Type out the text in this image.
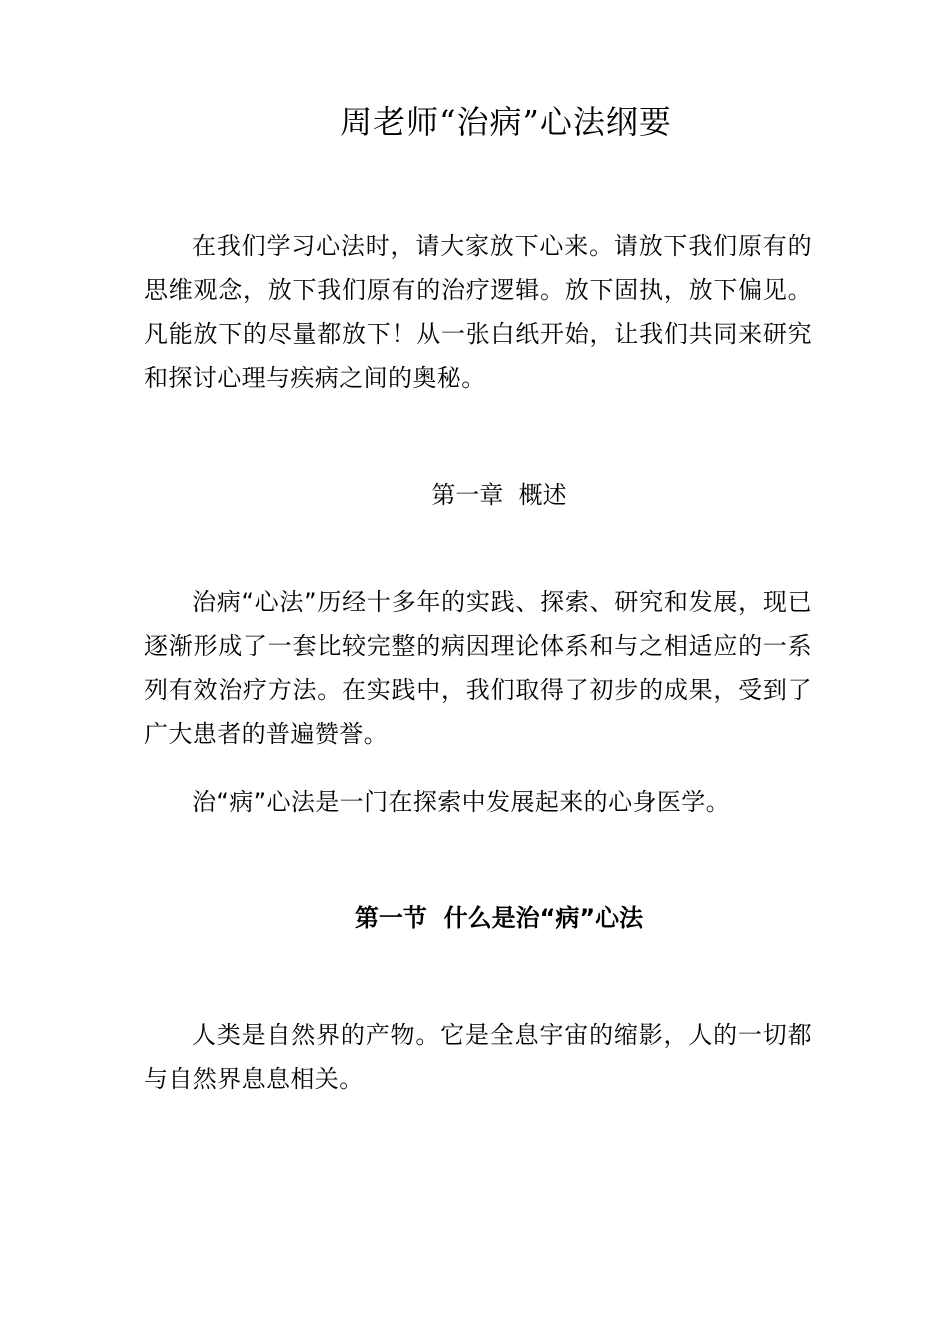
周老师“治病”心法纲要
在我们学习心法时，请大家放下心来。请放下我们原有的思维观念，放下我们原有的治疗逻辑。放下固执，放下偏见。凡能放下的尽量都放下！从一张白纸开始，让我们共同来研究和探讨心理与疾病之间的奥秘。
第一章  概述
治病“心法”历经十多年的实践、探索、研究和发展，现已逐渐形成了一套比较完整的病因理论体系和与之相适应的一系列有效治疗方法。在实践中，我们取得了初步的成果，受到了广大患者的普遍赞誉。
治“病”心法是一门在探索中发展起来的心身医学。
第一节  什么是治“病”心法
人类是自然界的产物。它是全息宇宙的缩影，人的一切都与自然界息息相关。
